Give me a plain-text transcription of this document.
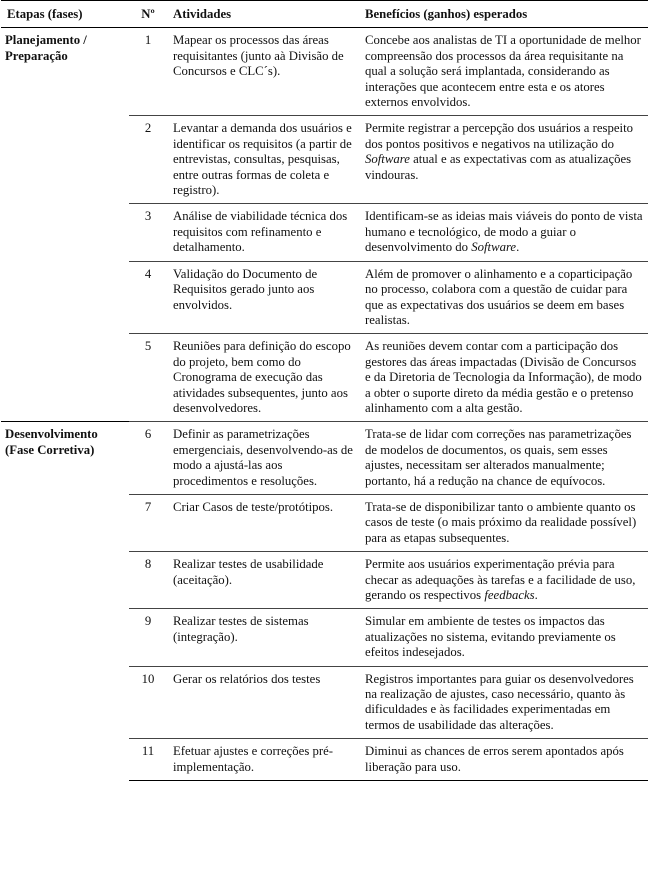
Etapas (fases)	Nº	Atividades	Benefícios (ganhos) esperados
Planejamento / Preparação	1	Mapear os processos das áreas requisitantes (junto aà Divisão de Concursos e CLC´s).	Concebe aos analistas de TI a oportunidade de melhor compreensão dos processos da área requisitante na qual a solução será implantada, considerando as interações que acontecem entre esta e os atores externos envolvidos.
	2	Levantar a demanda dos usuários e identificar os requisitos (a partir de entrevistas, consultas, pesquisas, entre outras formas de coleta e registro).	Permite registrar a percepção dos usuários a respeito dos pontos positivos e negativos na utilização do Software atual e as expectativas com as atualizações vindouras.
	3	Análise de viabilidade técnica dos requisitos com refinamento e detalhamento.	Identificam-se as ideias mais viáveis do ponto de vista humano e tecnológico, de modo a guiar o desenvolvimento do Software.
	4	Validação do Documento de Requisitos gerado junto aos envolvidos.	Além de promover o alinhamento e a coparticipação no processo, colabora com a questão de cuidar para que as expectativas dos usuários se deem em bases realistas.
	5	Reuniões para definição do escopo do projeto, bem como do Cronograma de execução das atividades subsequentes, junto aos desenvolvedores.	As reuniões devem contar com a participação dos gestores das áreas impactadas (Divisão de Concursos e da Diretoria de Tecnologia da Informação), de modo a obter o suporte direto da média gestão e o pretenso alinhamento com a alta gestão.
Desenvolvimento (Fase Corretiva)	6	Definir as parametrizações emergenciais, desenvolvendo-as de modo a ajustá-las aos procedimentos e resoluções.	Trata-se de lidar com correções nas parametrizações de modelos de documentos, os quais, sem esses ajustes, necessitam ser alterados manualmente; portanto, há a redução na chance de equívocos.
	7	Criar Casos de teste/protótipos.	Trata-se de disponibilizar tanto o ambiente quanto os casos de teste (o mais próximo da realidade possível) para as etapas subsequentes.
	8	Realizar testes de usabilidade (aceitação).	Permite aos usuários experimentação prévia para checar as adequações às tarefas e a facilidade de uso, gerando os respectivos feedbacks.
	9	Realizar testes de sistemas (integração).	Simular em ambiente de testes os impactos das atualizações no sistema, evitando previamente os efeitos indesejados.
	10	Gerar os relatórios dos testes	Registros importantes para guiar os desenvolvedores na realização de ajustes, caso necessário, quanto às dificuldades e às facilidades experimentadas em termos de usabilidade das alterações.
	11	Efetuar ajustes e correções pré-implementação.	Diminui as chances de erros serem apontados após liberação para uso.
